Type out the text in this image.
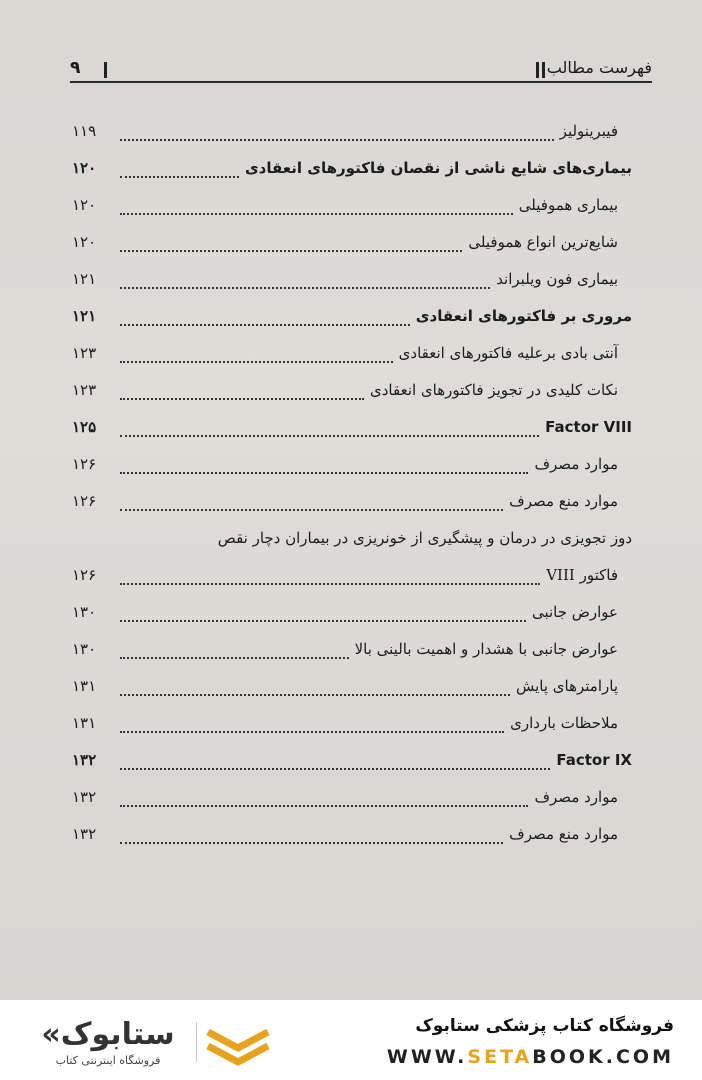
۹	فهرست مطالب
فیبرینولیز
۱۱۹
بیماری‌های شایع ناشی از نقصان فاکتورهای انعقادی
۱۲۰
بیماری هموفیلی
۱۲۰
شایع‌ترین انواع هموفیلی
۱۲۰
بیماری فون ویلبراند
۱۲۱
مروری بر فاکتورهای انعقادی
۱۲۱
آنتی بادی برعلیه فاکتورهای انعقادی
۱۲۳
نکات کلیدی در تجویز فاکتورهای انعقادی
۱۲۳
Factor VIII
۱۲۵
موارد مصرف
۱۲۶
موارد منع مصرف
۱۲۶
دوز تجویزی در درمان و پیشگیری از خونریزی در بیماران دچار نقص
فاکتور VIII
۱۲۶
عوارض جانبی
۱۳۰
عوارض جانبی با هشدار و اهمیت بالینی بالا
۱۳۰
پارامترهای پایش
۱۳۱
ملاحظات بارداری
۱۳۱
Factor IX
۱۳۲
موارد مصرف
۱۳۲
موارد منع مصرف
۱۳۲
«ستابوک
فروشگاه اینترنتی کتاب
فروشگاه کتاب پزشکی ستابوک
WWW.SETABOOK.COM
